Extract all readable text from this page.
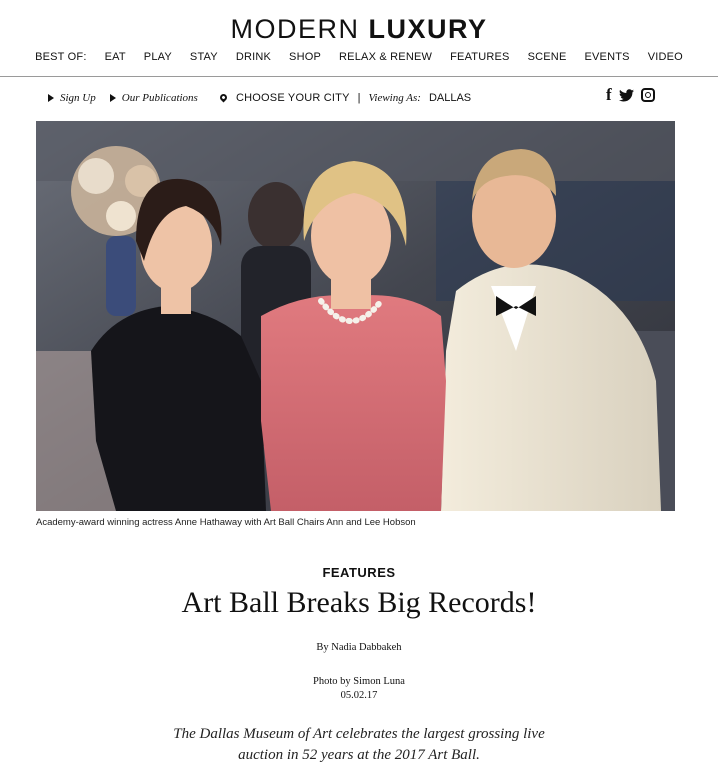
MODERN LUXURY
BEST OF: EAT PLAY STAY DRINK SHOP RELAX & RENEW FEATURES SCENE EVENTS VIDEO
Sign Up Our Publications	CHOOSE YOUR CITY | Viewing As: DALLAS	f
Academy-award winning actress Anne Hathaway with Art Ball Chairs Ann and Lee Hobson
FEATURES
Art Ball Breaks Big Records!
By Nadia Dabbakeh
Photo by Simon Luna
05.02.17
The Dallas Museum of Art celebrates the largest grossing live auction in 52 years at the 2017 Art Ball.
